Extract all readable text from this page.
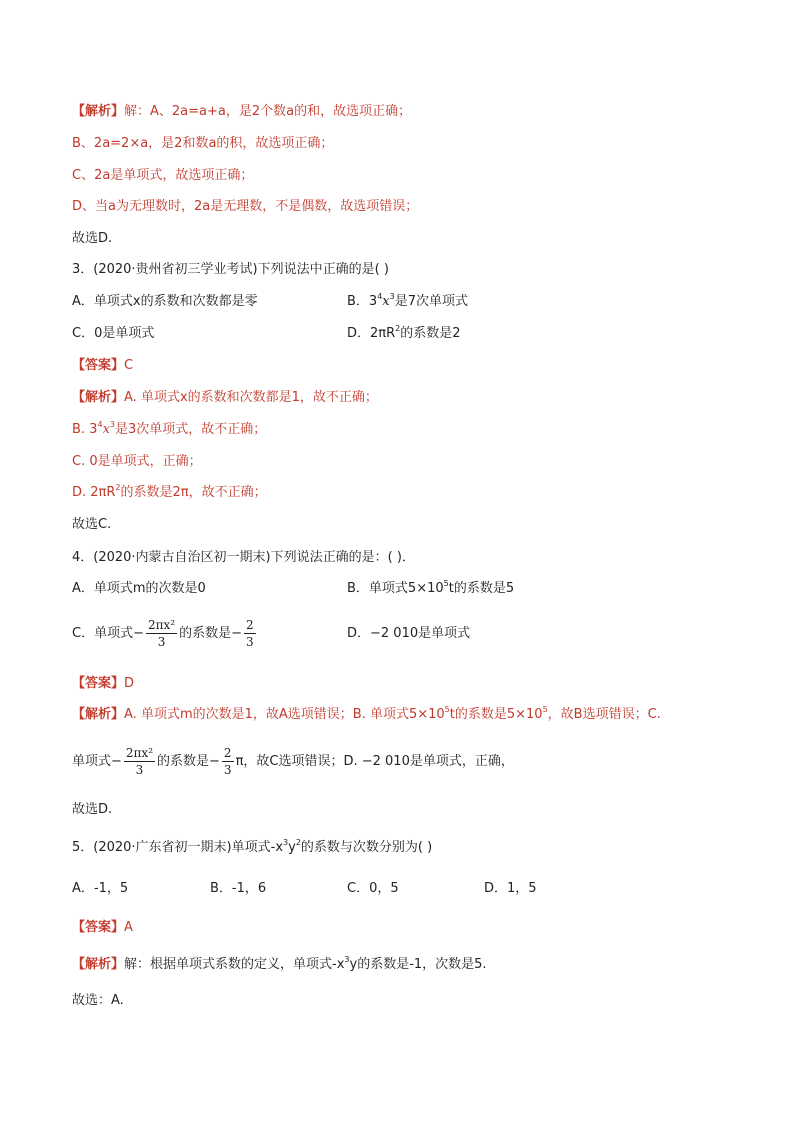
【解析】解：A、2a=a+a，是2个数a的和，故选项正确；
B、2a=2×a，是2和数a的积，故选项正确；
C、2a是单项式，故选项正确；
D、当a为无理数时，2a是无理数，不是偶数，故选项错误；
故选D.
3．(2020·贵州省初三学业考试)下列说法中正确的是( )
A．单项式x的系数和次数都是零	B．$3^4x^3$是7次单项式
C．0是单项式	D．$2\pi R^2$的系数是2
【答案】C
【解析】A. 单项式x的系数和次数都是1，故不正确；
B. $3^4x^3$是3次单项式，故不正确；
C. 0是单项式，正确；
D. $2\pi R^2$的系数是2π，故不正确；
故选C.
4．(2020·内蒙古自治区初一期末)下列说法正确的是：( )．
A．单项式m的次数是0	B．单项式$5\times 10^5t$的系数是5
C．单项式− $\frac{\text{2πx²}}{3}$ 的系数是− $\frac{2}{3}$	D．−2 010是单项式
【答案】D
【解析】A. 单项式m的次数是1，故A选项错误；B. 单项式$5\times 10^5t$的系数是$5\times 10^5$，故B选项错误；C.
单项式− $\frac{\text{2πx²}}{3}$ 的系数是− $\frac{2}{3}$ π，故C选项错误；D. −2 010是单项式，正确，
故选D.
5．(2020·广东省初一期末)单项式$-x^3y^2$的系数与次数分别为( )
A．-1，5	B．-1，6	C．0，5	D．1，5
【答案】A
【解析】解：根据单项式系数的定义，单项式$-x^3y$的系数是-1，次数是5.
故选：A.
